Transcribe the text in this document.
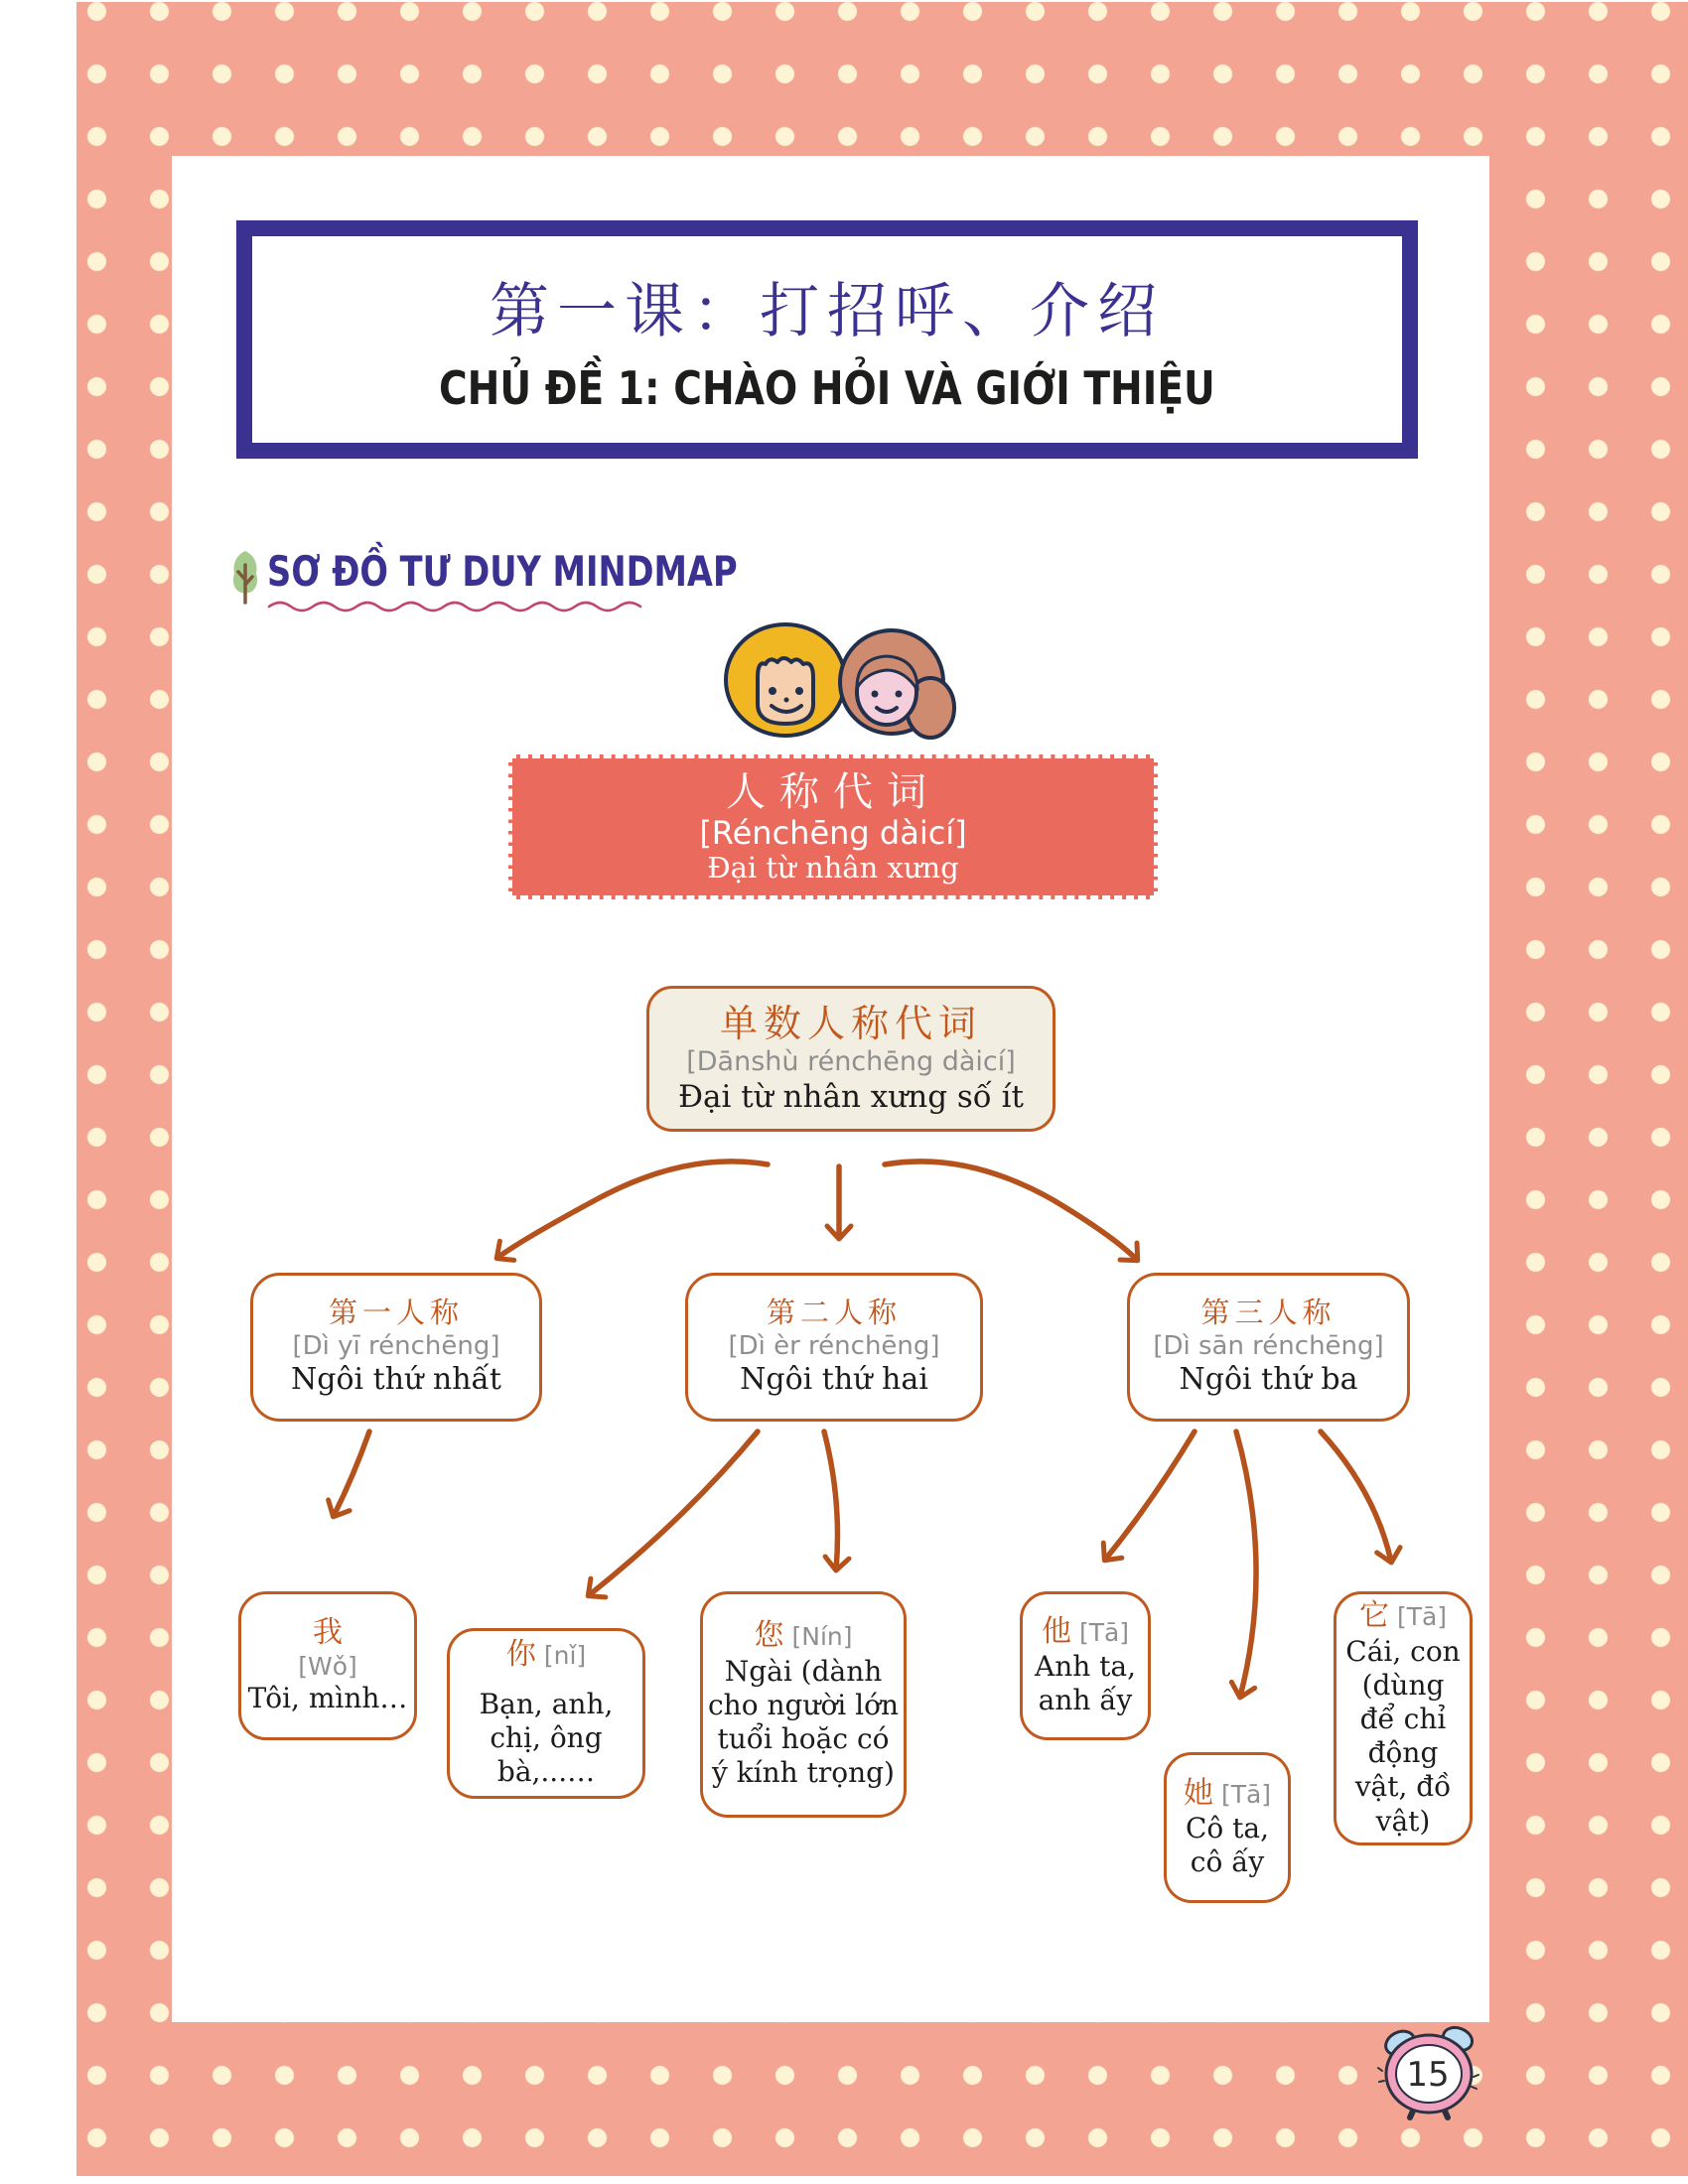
第一课：打招呼、介绍
CHỦ ĐỀ 1: CHÀO HỎI VÀ GIỚI THIỆU
SƠ ĐỒ TƯ DUY MINDMAP
人称代词
[Rénchēng dàicí]
Đại từ nhân xưng
单数人称代词
[Dānshù rénchēng dàicí]
Đại từ nhân xưng số ít
第一人称
[Dì yī rénchēng]
Ngôi thứ nhất
第二人称
[Dì èr rénchēng]
Ngôi thứ hai
第三人称
[Dì sān rénchēng]
Ngôi thứ ba
我
[Wǒ]
Tôi, mình…
你 [nǐ]
Bạn, anh, chị, ông bà,...…
您 [Nín]
Ngài (dành cho người lớn tuổi hoặc có ý kính trọng)
他 [Tā]
Anh ta, anh ấy
她 [Tā]
Cô ta, cô ấy
它 [Tā]
Cái, con (dùng để chỉ động vật, đồ vật)
15
